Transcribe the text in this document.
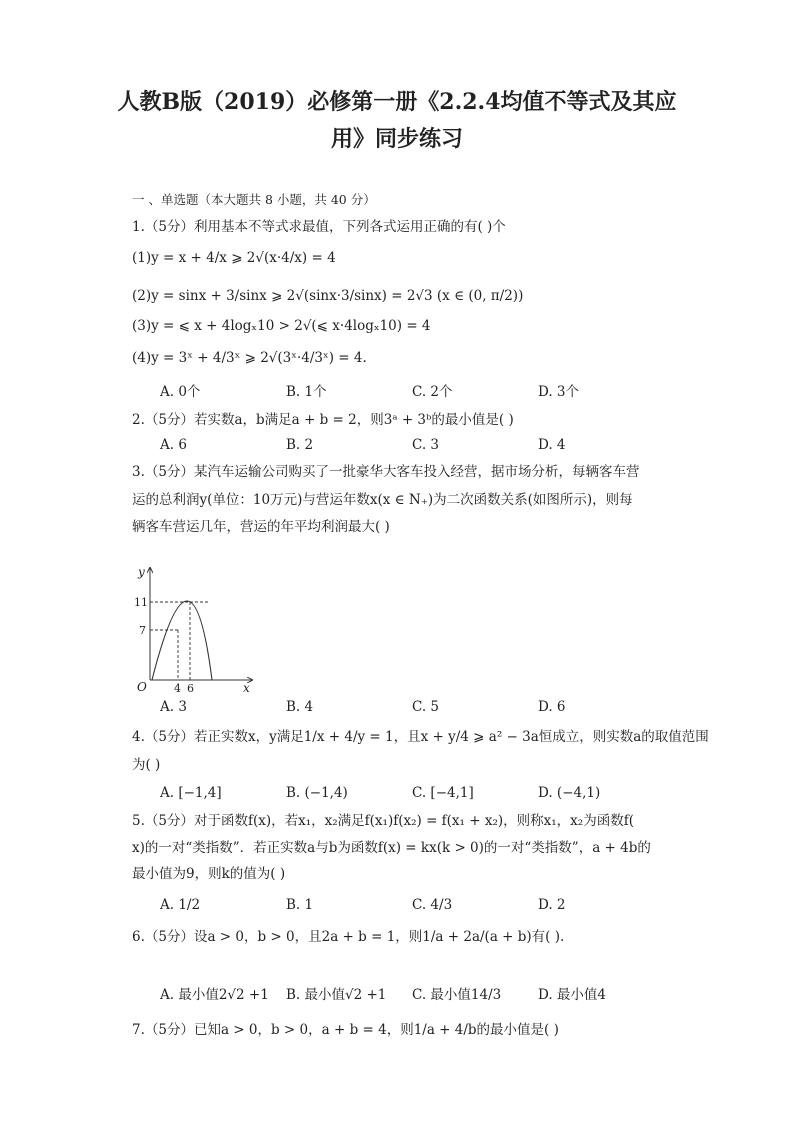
人教B版（2019）必修第一册《2.2.4均值不等式及其应
用》同步练习
一 、单选题（本大题共 8 小题，共 40 分）
1.（5分）利用基本不等式求最值，下列各式运用正确的有( )个
(1)y = x + 4/x ⩾ 2√(x·4/x) = 4
(2)y = sinx + 3/sinx ⩾ 2√(sinx·3/sinx) = 2√3 (x ∈ (0, π/2))
(3)y = ⩽ x + 4logₓ10 > 2√(⩽ x·4logₓ10) = 4
(4)y = 3ˣ + 4/3ˣ ⩾ 2√(3ˣ·4/3ˣ) = 4.
A. 0个	B. 1个	C. 2个	D. 3个
2.（5分）若实数a，b满足a + b = 2，则3ᵃ + 3ᵇ的最小值是( )
A. 6	B. 2	C. 3	D. 4
3.（5分）某汽车运输公司购买了一批豪华大客车投入经营，据市场分析，每辆客车营
运的总利润y(单位：10万元)与营运年数x(x ∈ N₊)为二次函数关系(如图所示)，则每
辆客车营运几年，营运的年平均利润最大( )
y
x
O
11
7
4 6
A. 3	B. 4	C. 5	D. 6
4.（5分）若正实数x，y满足1/x + 4/y = 1，且x + y/4 ⩾ a² − 3a恒成立，则实数a的取值范围
为( )
A. [−1,4]	B. (−1,4)	C. [−4,1]	D. (−4,1)
5.（5分）对于函数f(x)，若x₁，x₂满足f(x₁)f(x₂) = f(x₁ + x₂)，则称x₁，x₂为函数f(
x)的一对“类指数”．若正实数a与b为函数f(x) = kx(k > 0)的一对“类指数”，a + 4b的
最小值为9，则k的值为( )
A. 1/2	B. 1	C. 4/3	D. 2
6.（5分）设a > 0，b > 0，且2a + b = 1，则1/a + 2a/(a + b)有( ).
A. 最小值2√2 +1 B. 最小值√2 +1 C. 最小值14/3	D. 最小值4
7.（5分）已知a > 0，b > 0，a + b = 4，则1/a + 4/b的最小值是( )
